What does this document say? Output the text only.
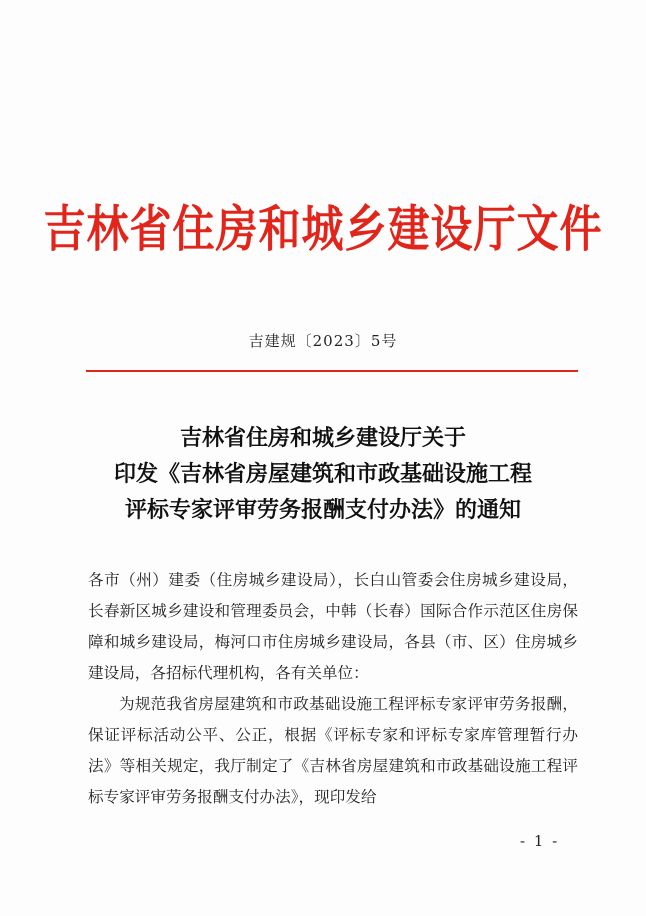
吉林省住房和城乡建设厅文件
吉建规〔2023〕5号
吉林省住房和城乡建设厅关于
印发《吉林省房屋建筑和市政基础设施工程
评标专家评审劳务报酬支付办法》的通知

各市（州）建委（住房城乡建设局），长白山管委会住房城乡建设局，长春新区城乡建设和管理委员会，中韩（长春）国际合作示范区住房保障和城乡建设局，梅河口市住房城乡建设局，各县（市、区）住房城乡建设局，各招标代理机构，各有关单位：

为规范我省房屋建筑和市政基础设施工程评标专家评审劳务报酬，保证评标活动公平、公正，根据《评标专家和评标专家库管理暂行办法》等相关规定，我厅制定了《吉林省房屋建筑和市政基础设施工程评标专家评审劳务报酬支付办法》，现印发给

- 1 -
